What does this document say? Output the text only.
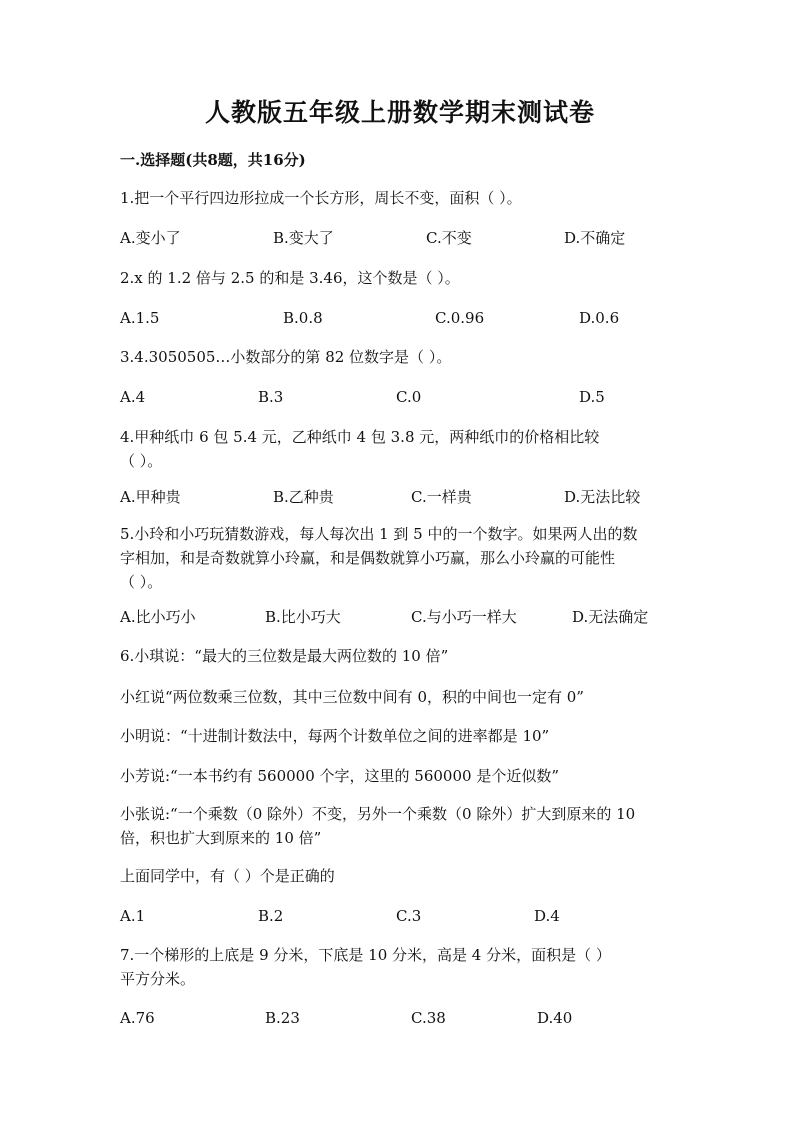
人教版五年级上册数学期末测试卷
一.选择题(共8题，共16分)
1.把一个平行四边形拉成一个长方形，周长不变，面积（ ）。
A.变小了	B.变大了	C.不变	D.不确定
2.x 的 1.2 倍与 2.5 的和是 3.46，这个数是（ ）。
A.1.5	B.0.8	C.0.96	D.0.6
3.4.3050505…小数部分的第 82 位数字是（ ）。
A.4	B.3	C.0	D.5
4.甲种纸巾 6 包 5.4 元，乙种纸巾 4 包 3.8 元，两种纸巾的价格相比较
（ ）。
A.甲种贵	B.乙种贵	C.一样贵	D.无法比较
5.小玲和小巧玩猜数游戏，每人每次出 1 到 5 中的一个数字。如果两人出的数
字相加，和是奇数就算小玲赢，和是偶数就算小巧赢，那么小玲赢的可能性
（ ）。
A.比小巧小	B.比小巧大	C.与小巧一样大	D.无法确定
6.小琪说：“最大的三位数是最大两位数的 10 倍”
小红说“两位数乘三位数，其中三位数中间有 0，积的中间也一定有 0”
小明说：“十进制计数法中，每两个计数单位之间的进率都是 10”
小芳说:“一本书约有 560000 个字，这里的 560000 是个近似数”
小张说:“一个乘数（0 除外）不变，另外一个乘数（0 除外）扩大到原来的 10
倍，积也扩大到原来的 10 倍”
上面同学中，有（ ）个是正确的
A.1	B.2	C.3	D.4
7.一个梯形的上底是 9 分米，下底是 10 分米，高是 4 分米，面积是（ ）
平方分米。
A.76	B.23	C.38	D.40
